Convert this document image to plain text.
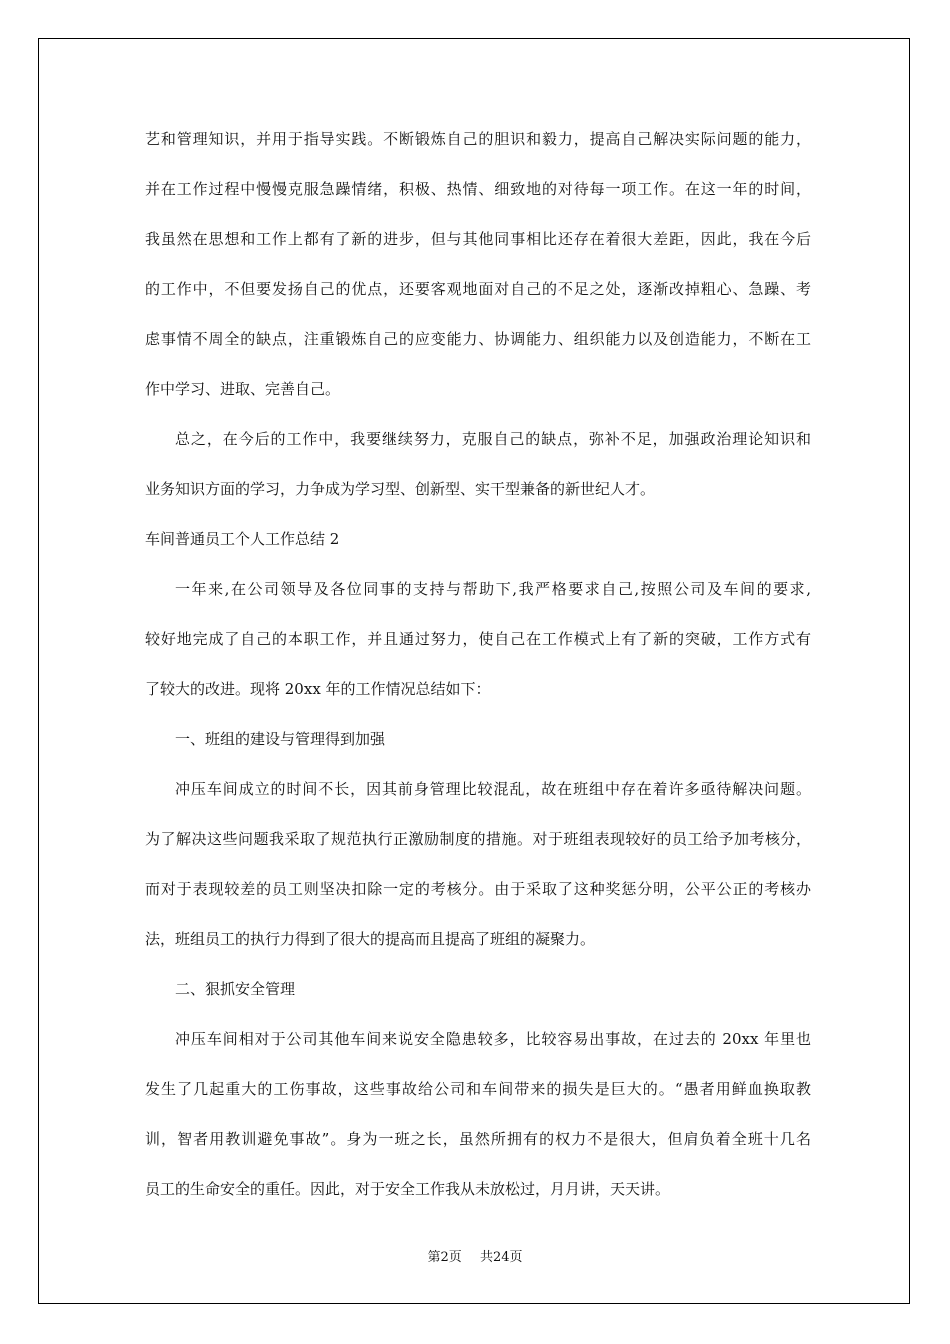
艺和管理知识，并用于指导实践。不断锻炼自己的胆识和毅力，提高自己解决实际问题的能力，
并在工作过程中慢慢克服急躁情绪，积极、热情、细致地的对待每一项工作。在这一年的时间，
我虽然在思想和工作上都有了新的进步，但与其他同事相比还存在着很大差距，因此，我在今后
的工作中，不但要发扬自己的优点，还要客观地面对自己的不足之处，逐渐改掉粗心、急躁、考
虑事情不周全的缺点，注重锻炼自己的应变能力、协调能力、组织能力以及创造能力，不断在工
作中学习、进取、完善自己。
总之，在今后的工作中，我要继续努力，克服自己的缺点，弥补不足，加强政治理论知识和
业务知识方面的学习，力争成为学习型、创新型、实干型兼备的新世纪人才。
车间普通员工个人工作总结 2
一年来,在公司领导及各位同事的支持与帮助下,我严格要求自己,按照公司及车间的要求,
较好地完成了自己的本职工作，并且通过努力，使自己在工作模式上有了新的突破，工作方式有
了较大的改进。现将 20xx 年的工作情况总结如下：
一、班组的建设与管理得到加强
冲压车间成立的时间不长，因其前身管理比较混乱，故在班组中存在着许多亟待解决问题。
为了解决这些问题我采取了规范执行正激励制度的措施。对于班组表现较好的员工给予加考核分，
而对于表现较差的员工则坚决扣除一定的考核分。由于采取了这种奖惩分明，公平公正的考核办
法，班组员工的执行力得到了很大的提高而且提高了班组的凝聚力。
二、狠抓安全管理
冲压车间相对于公司其他车间来说安全隐患较多，比较容易出事故，在过去的 20xx 年里也
发生了几起重大的工伤事故，这些事故给公司和车间带来的损失是巨大的。“愚者用鲜血换取教
训，智者用教训避免事故”。身为一班之长，虽然所拥有的权力不是很大，但肩负着全班十几名
员工的生命安全的重任。因此，对于安全工作我从未放松过，月月讲，天天讲。
第2页 共24页
